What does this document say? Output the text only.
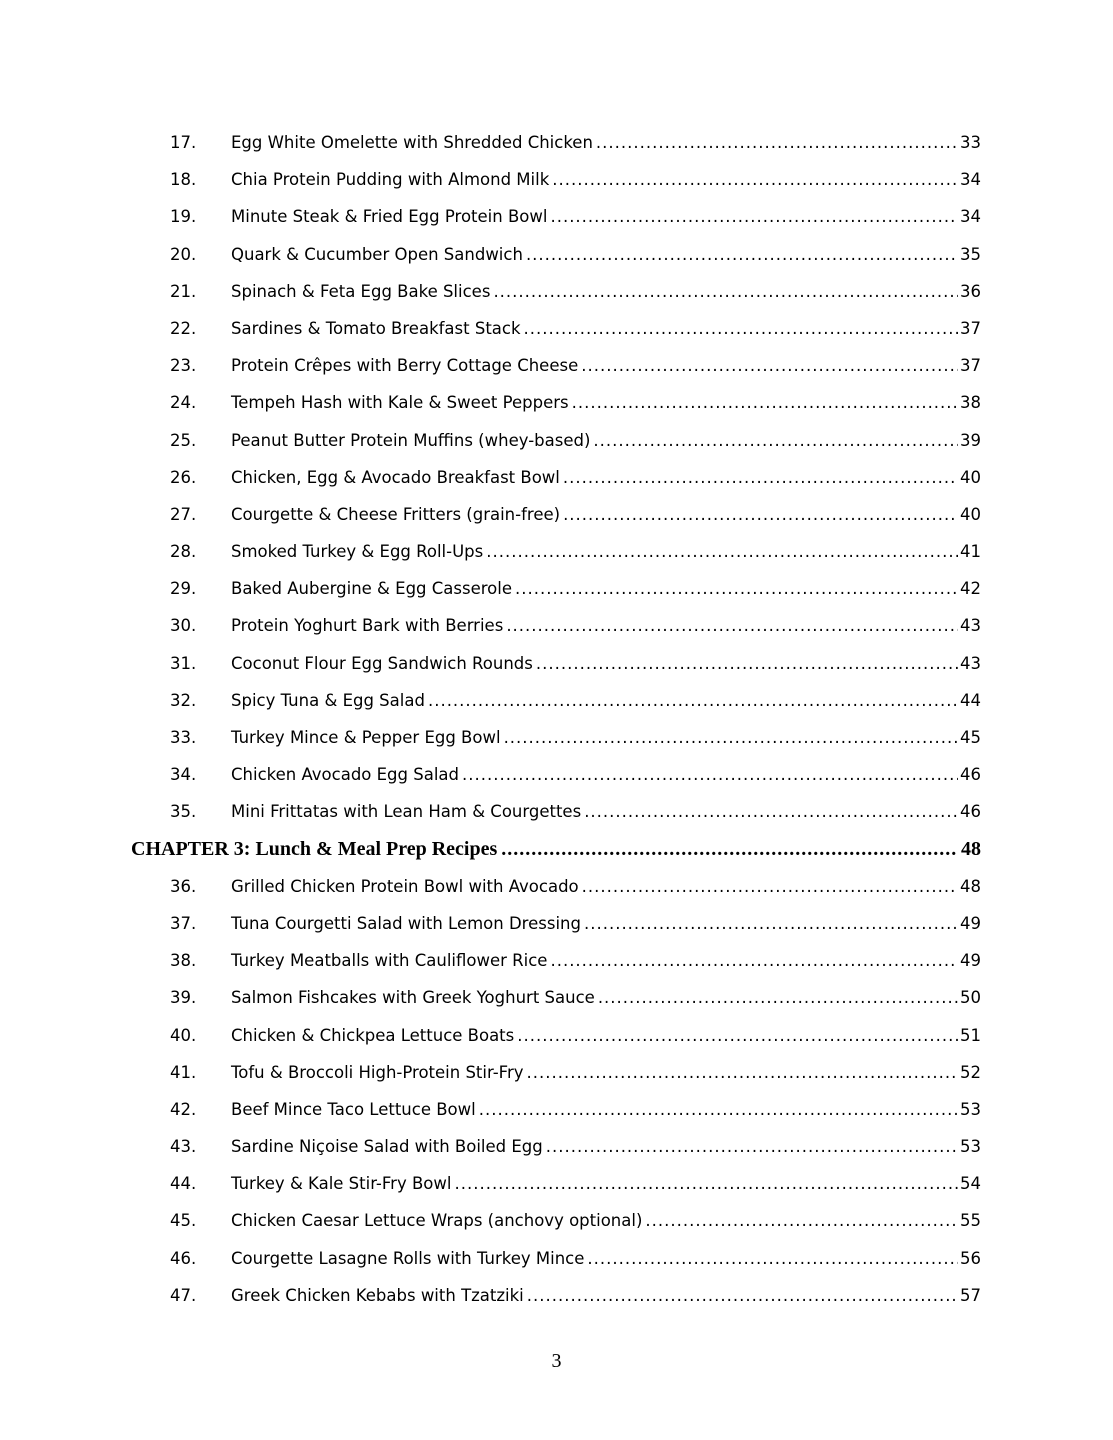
17. Egg White Omelette with Shredded Chicken .....	33
18. Chia Protein Pudding with Almond Milk .....	34
19. Minute Steak & Fried Egg Protein Bowl .....	34
20. Quark & Cucumber Open Sandwich .....	35
21. Spinach & Feta Egg Bake Slices .....	36
22. Sardines & Tomato Breakfast Stack .....	37
23. Protein Crêpes with Berry Cottage Cheese .....	37
24. Tempeh Hash with Kale & Sweet Peppers .....	38
25. Peanut Butter Protein Muffins (whey-based) .....	39
26. Chicken, Egg & Avocado Breakfast Bowl .....	40
27. Courgette & Cheese Fritters (grain-free) .....	40
28. Smoked Turkey & Egg Roll-Ups .....	41
29. Baked Aubergine & Egg Casserole .....	42
30. Protein Yoghurt Bark with Berries .....	43
31. Coconut Flour Egg Sandwich Rounds .....	43
32. Spicy Tuna & Egg Salad .....	44
33. Turkey Mince & Pepper Egg Bowl .....	45
34. Chicken Avocado Egg Salad .....	46
35. Mini Frittatas with Lean Ham & Courgettes .....	46
CHAPTER 3: Lunch & Meal Prep Recipes .....	48
36. Grilled Chicken Protein Bowl with Avocado .....	48
37. Tuna Courgetti Salad with Lemon Dressing .....	49
38. Turkey Meatballs with Cauliflower Rice .....	49
39. Salmon Fishcakes with Greek Yoghurt Sauce .....	50
40. Chicken & Chickpea Lettuce Boats .....	51
41. Tofu & Broccoli High-Protein Stir-Fry .....	52
42. Beef Mince Taco Lettuce Bowl .....	53
43. Sardine Niçoise Salad with Boiled Egg .....	53
44. Turkey & Kale Stir-Fry Bowl .....	54
45. Chicken Caesar Lettuce Wraps (anchovy optional) .....	55
46. Courgette Lasagne Rolls with Turkey Mince .....	56
47. Greek Chicken Kebabs with Tzatziki .....	57
3
